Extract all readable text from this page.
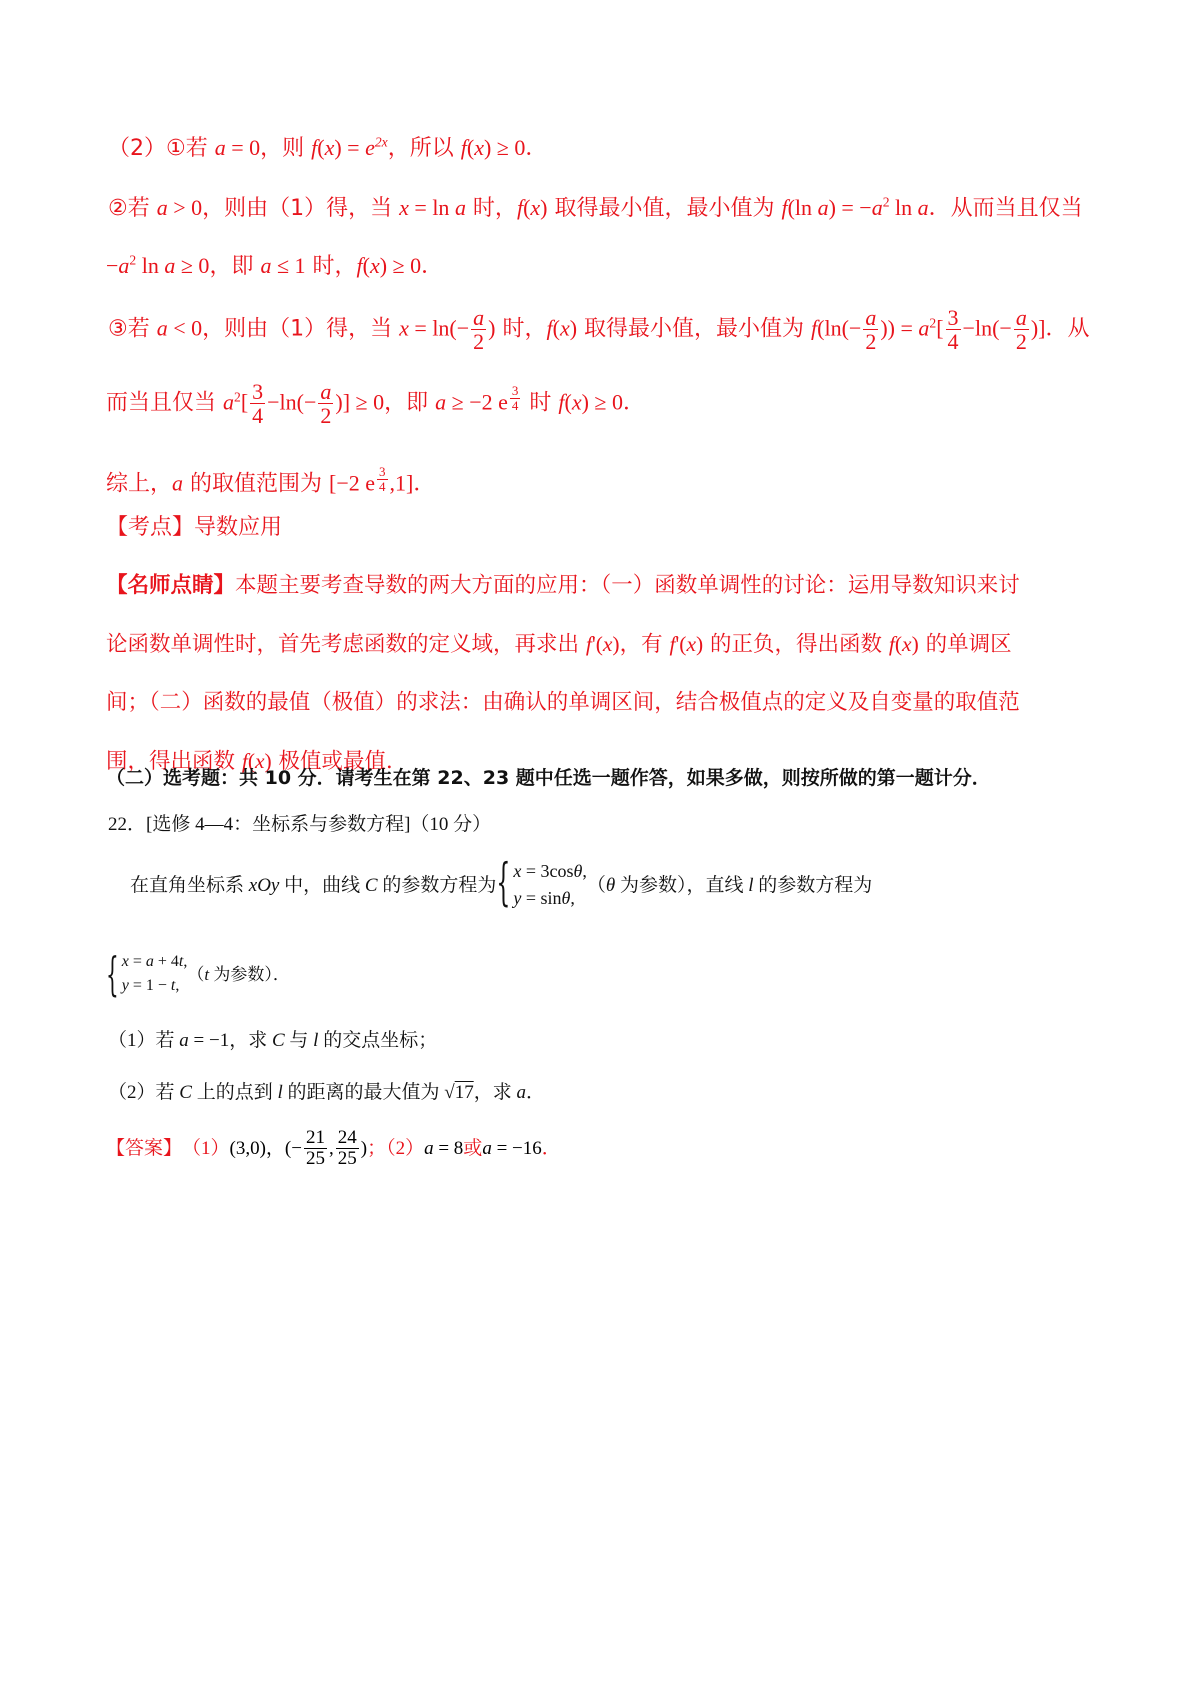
（2）①若 a = 0，则 $f(x) = e^{2x}$，所以 f(x) ≥ 0．
②若 a > 0，则由（1）得，当 x = ln a 时，f(x) 取得最小值，最小值为 f(ln $a) = -a^2$ ln a．从而当且仅当
$-a^2$ ln a ≥ 0，即 a ≤ 1 时，f(x) ≥ 0．
③若 a < 0，则由（1）得，当 $x = \ln(- \frac{a}{2}$ ) 时，f(x) 取得最小值，最小值为 $f(\ln(- \frac{a}{2}$ )) = $a^2[ \frac{3}{4} -\ln(- \frac{a}{2}$ )]．从
而当且仅当 $a^2[ \frac{3}{4} -\ln(- \frac{a}{2}$ )] ≥ 0，即 a ≥ −2 e $^{\frac{3}{4}}$ 时 f(x) ≥ 0．
综上，a 的取值范围为 [−2 e $^{\frac{3}{4}}$ ,1]．
【考点】导数应用
【名师点睛】本题主要考查导数的两大方面的应用：（一）函数单调性的讨论：运用导数知识来讨论函数单调性时，首先考虑函数的定义域，再求出 f'(x)，有 f'(x) 的正负，得出函数 f(x) 的单调区间；（二）函数的最值（极值）的求法：由确认的单调区间，结合极值点的定义及自变量的取值范围，得出函数 f(x) 极值或最值．
（二）选考题：共 10 分．请考生在第 22、23 题中任选一题作答，如果多做，则按所做的第一题计分．
22．[选修 4—4：坐标系与参数方程]（10 分）
在直角坐标系 xOy 中，曲线 C 的参数方程为 { x = 3cosθ,
y = sinθ,
（θ 为参数），直线 l 的参数方程为
{ x = a + 4t,
y = 1 − t,
（t 为参数）．
（1）若 a = −1，求 C 与 l 的交点坐标；
（2）若 C 上的点到 l 的距离的最大值为 √17，求 a．
【答案】 （1） (3,0)，(− $\frac{21}{25}$ , $\frac{24}{25}$ ) ；（2） a = 8 或 a = −16 ．
